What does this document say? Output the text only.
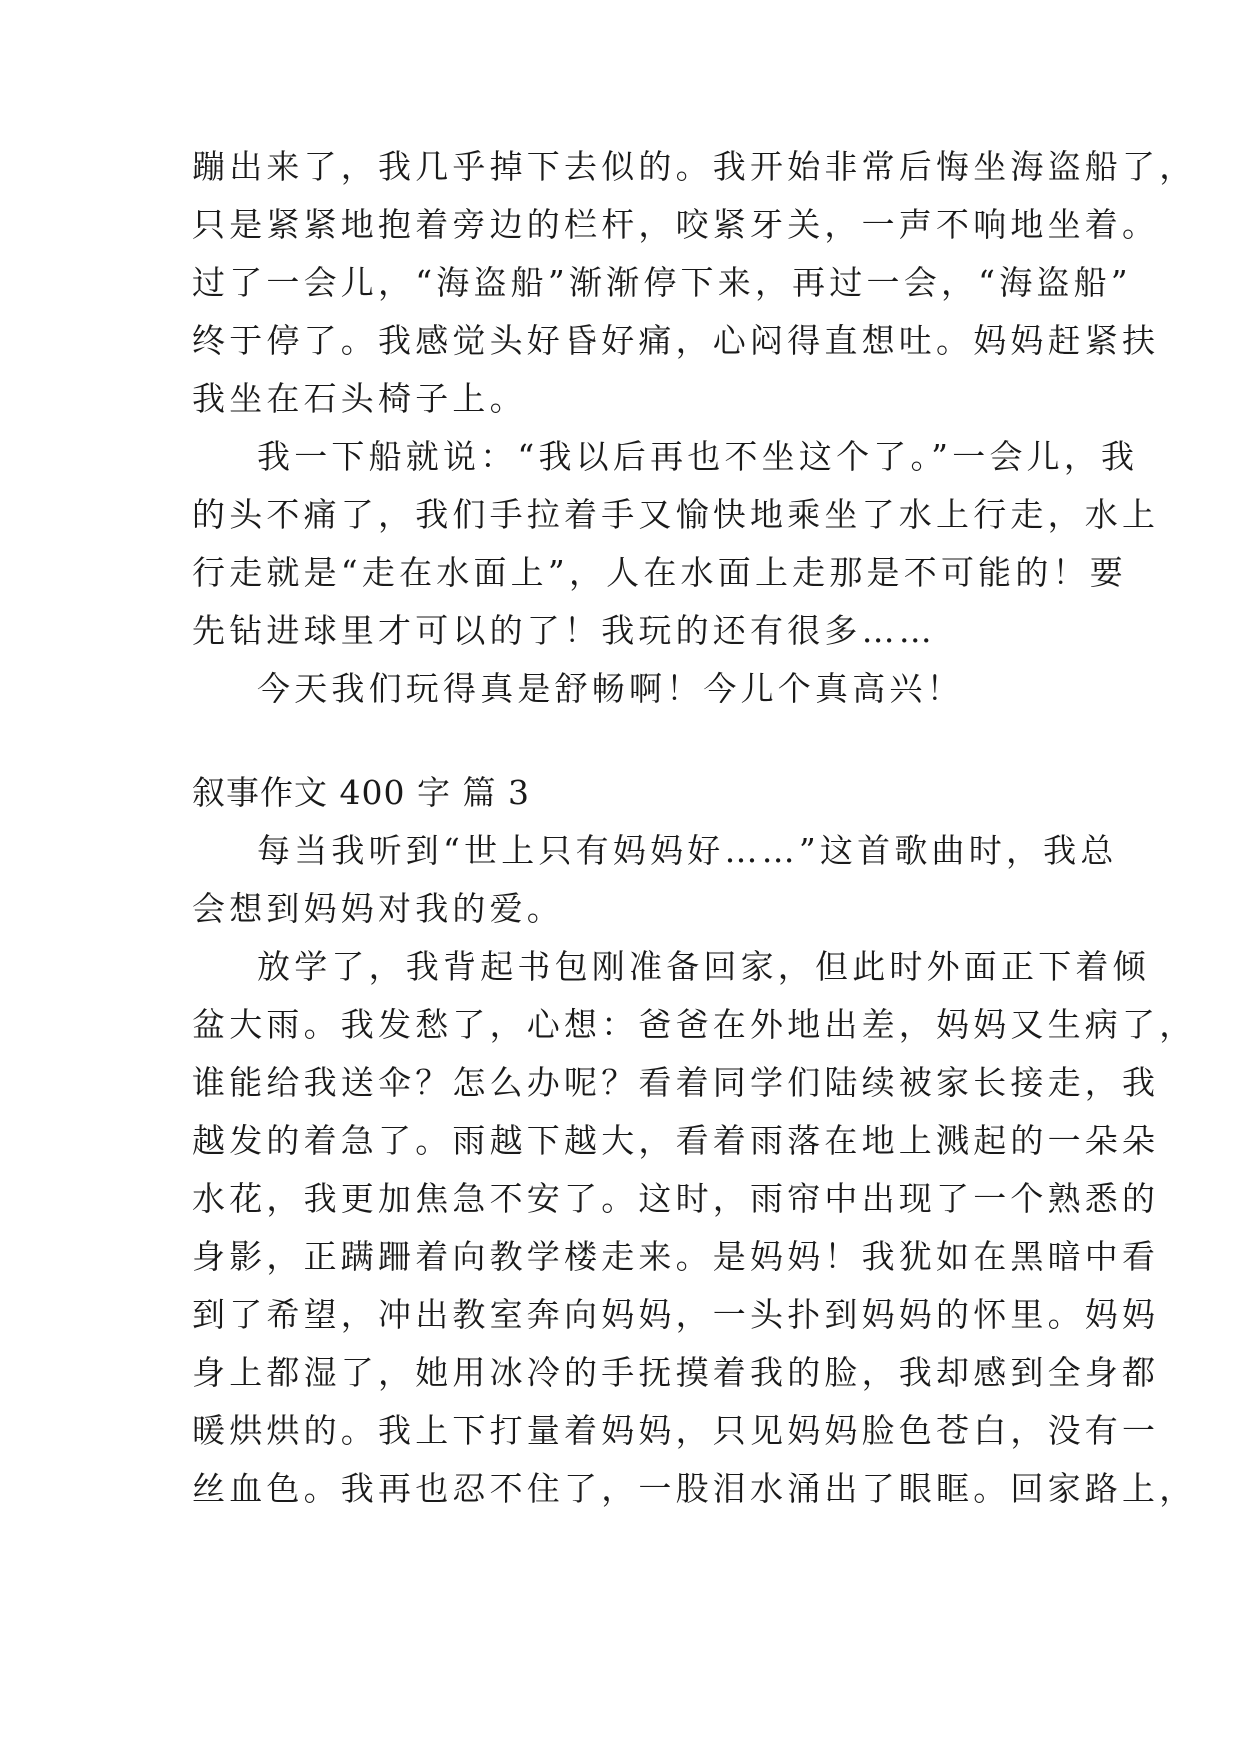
蹦出来了，我几乎掉下去似的。我开始非常后悔坐海盗船了，
只是紧紧地抱着旁边的栏杆，咬紧牙关，一声不响地坐着。
过了一会儿，“海盗船”渐渐停下来，再过一会，“海盗船”
终于停了。我感觉头好昏好痛，心闷得直想吐。妈妈赶紧扶
我坐在石头椅子上。
我一下船就说：“我以后再也不坐这个了。”一会儿，我
的头不痛了，我们手拉着手又愉快地乘坐了水上行走，水上
行走就是“走在水面上”，人在水面上走那是不可能的！要
先钻进球里才可以的了！我玩的还有很多……
今天我们玩得真是舒畅啊！今儿个真高兴！
叙事作文 400 字 篇 3
每当我听到“世上只有妈妈好……”这首歌曲时，我总
会想到妈妈对我的爱。
放学了，我背起书包刚准备回家，但此时外面正下着倾
盆大雨。我发愁了，心想：爸爸在外地出差，妈妈又生病了，
谁能给我送伞？怎么办呢？看着同学们陆续被家长接走，我
越发的着急了。雨越下越大，看着雨落在地上溅起的一朵朵
水花，我更加焦急不安了。这时，雨帘中出现了一个熟悉的
身影，正蹒跚着向教学楼走来。是妈妈！我犹如在黑暗中看
到了希望，冲出教室奔向妈妈，一头扑到妈妈的怀里。妈妈
身上都湿了，她用冰冷的手抚摸着我的脸，我却感到全身都
暖烘烘的。我上下打量着妈妈，只见妈妈脸色苍白，没有一
丝血色。我再也忍不住了，一股泪水涌出了眼眶。回家路上，
